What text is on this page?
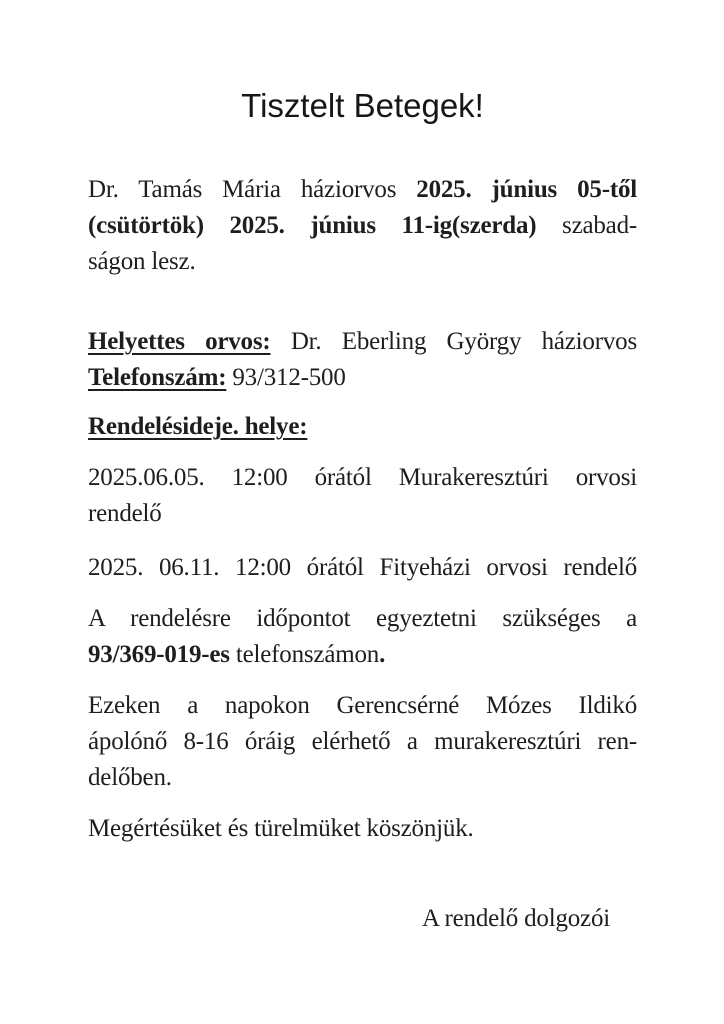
Tisztelt Betegek!
Dr. Tamás Mária háziorvos 2025. június 05-től
(csütörtök) 2025. június 11-ig(szerda) szabad-
ságon lesz.
Helyettes orvos: Dr. Eberling György háziorvos
Telefonszám: 93/312-500
Rendelésideje. helye:
2025.06.05. 12:00 órától Murakeresztúri orvosi
rendelő
2025. 06.11. 12:00 órától Fityeházi orvosi rendelő
A rendelésre időpontot egyeztetni szükséges a
93/369-019-es telefonszámon.
Ezeken a napokon Gerencsérné Mózes Ildikó
ápolónő 8-16 óráig elérhető a murakeresztúri ren-
delőben.
Megértésüket és türelmüket köszönjük.
A rendelő dolgozói
